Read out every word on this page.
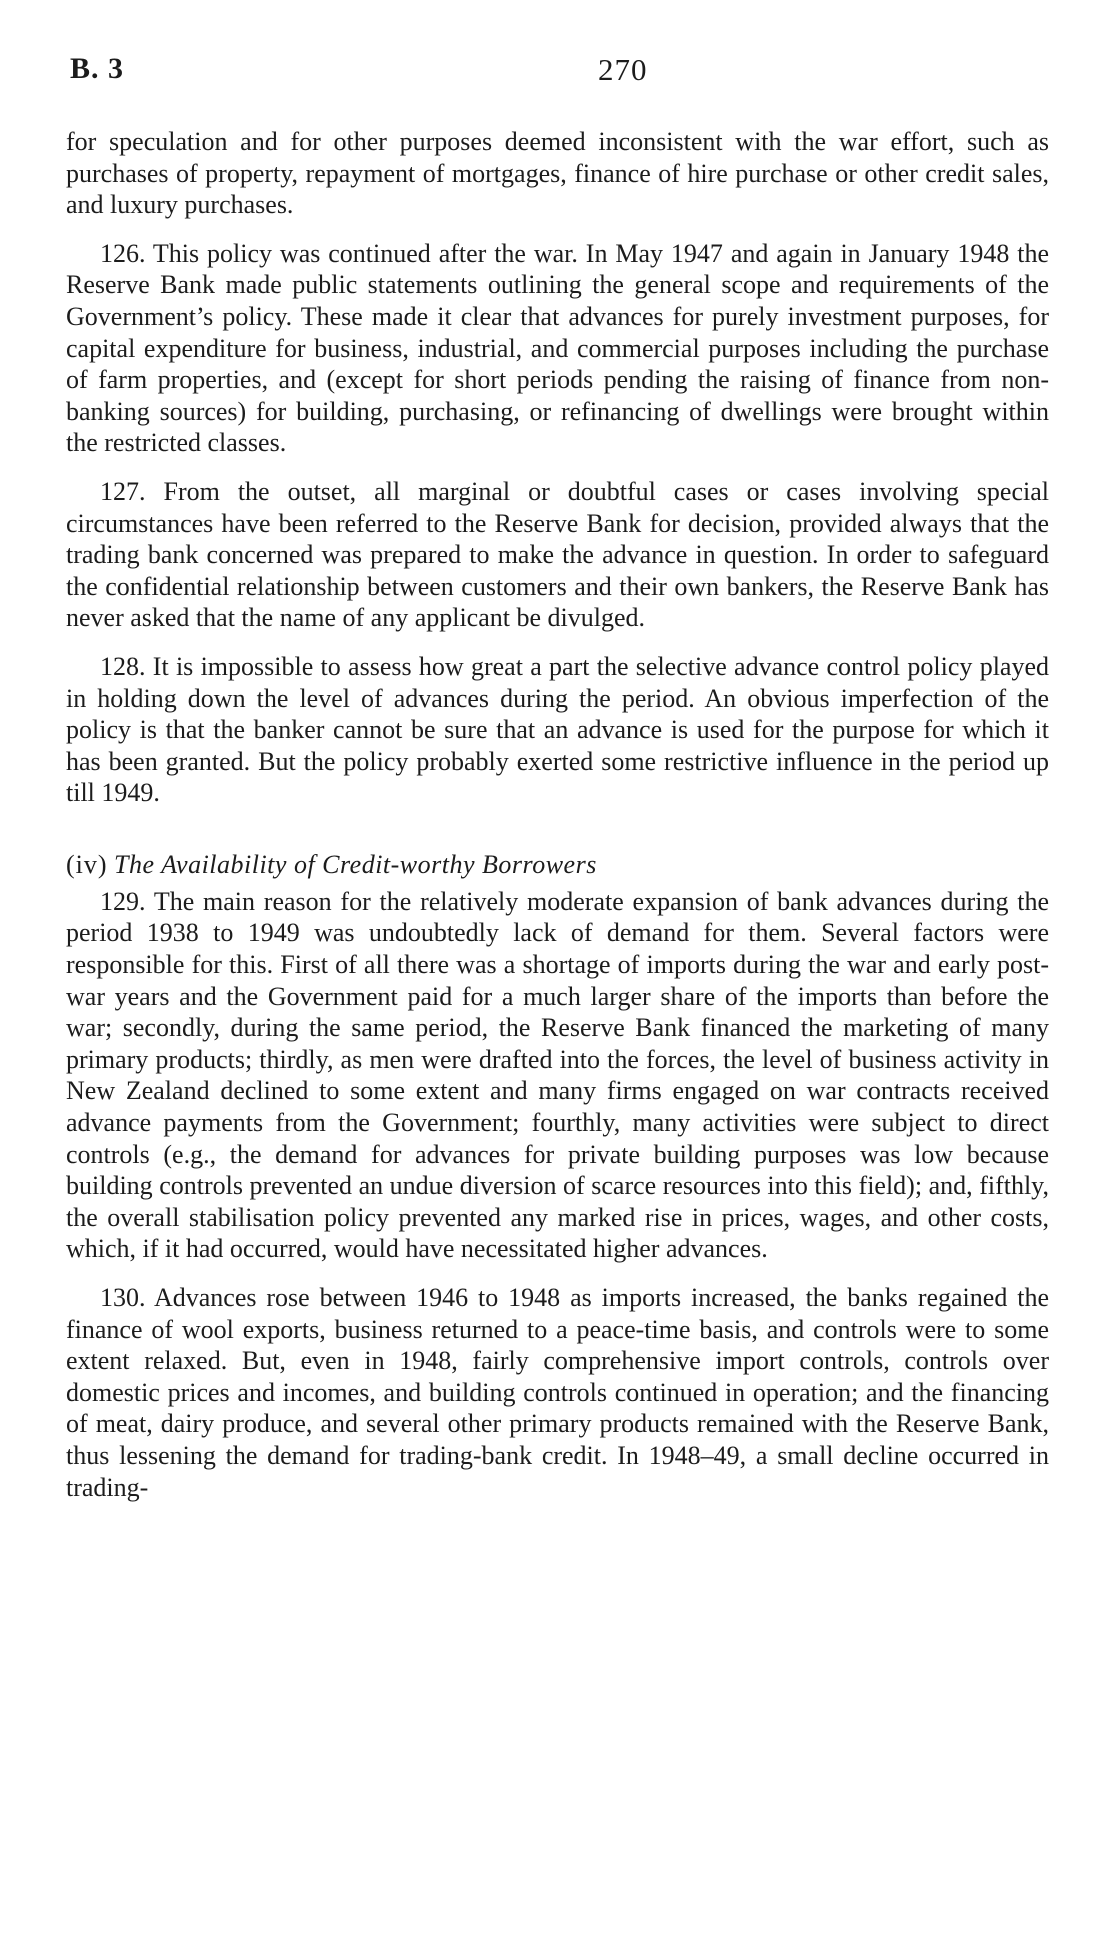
B. 3	270

for speculation and for other purposes deemed inconsistent with the war effort, such as purchases of property, repayment of mortgages, finance of hire purchase or other credit sales, and luxury purchases.

126. This policy was continued after the war. In May 1947 and again in January 1948 the Reserve Bank made public statements outlining the general scope and requirements of the Government’s policy. These made it clear that advances for purely investment purposes, for capital expenditure for business, industrial, and commercial purposes including the purchase of farm properties, and (except for short periods pending the raising of finance from non-banking sources) for building, purchasing, or refinancing of dwellings were brought within the restricted classes.

127. From the outset, all marginal or doubtful cases or cases involving special circumstances have been referred to the Reserve Bank for decision, provided always that the trading bank concerned was prepared to make the advance in question. In order to safeguard the confidential relationship between customers and their own bankers, the Reserve Bank has never asked that the name of any applicant be divulged.

128. It is impossible to assess how great a part the selective advance control policy played in holding down the level of advances during the period. An obvious imperfection of the policy is that the banker cannot be sure that an advance is used for the purpose for which it has been granted. But the policy probably exerted some restrictive influence in the period up till 1949.

(iv) The Availability of Credit-worthy Borrowers

129. The main reason for the relatively moderate expansion of bank advances during the period 1938 to 1949 was undoubtedly lack of demand for them. Several factors were responsible for this. First of all there was a shortage of imports during the war and early post-war years and the Government paid for a much larger share of the imports than before the war; secondly, during the same period, the Reserve Bank financed the marketing of many primary products; thirdly, as men were drafted into the forces, the level of business activity in New Zealand declined to some extent and many firms engaged on war contracts received advance payments from the Government; fourthly, many activities were subject to direct controls (e.g., the demand for advances for private building purposes was low because building controls prevented an undue diversion of scarce resources into this field); and, fifthly, the overall stabilisation policy prevented any marked rise in prices, wages, and other costs, which, if it had occurred, would have necessitated higher advances.

130. Advances rose between 1946 to 1948 as imports increased, the banks regained the finance of wool exports, business returned to a peace-time basis, and controls were to some extent relaxed. But, even in 1948, fairly comprehensive import controls, controls over domestic prices and incomes, and building controls continued in operation; and the financing of meat, dairy produce, and several other primary products remained with the Reserve Bank, thus lessening the demand for trading-bank credit. In 1948–49, a small decline occurred in trading-
